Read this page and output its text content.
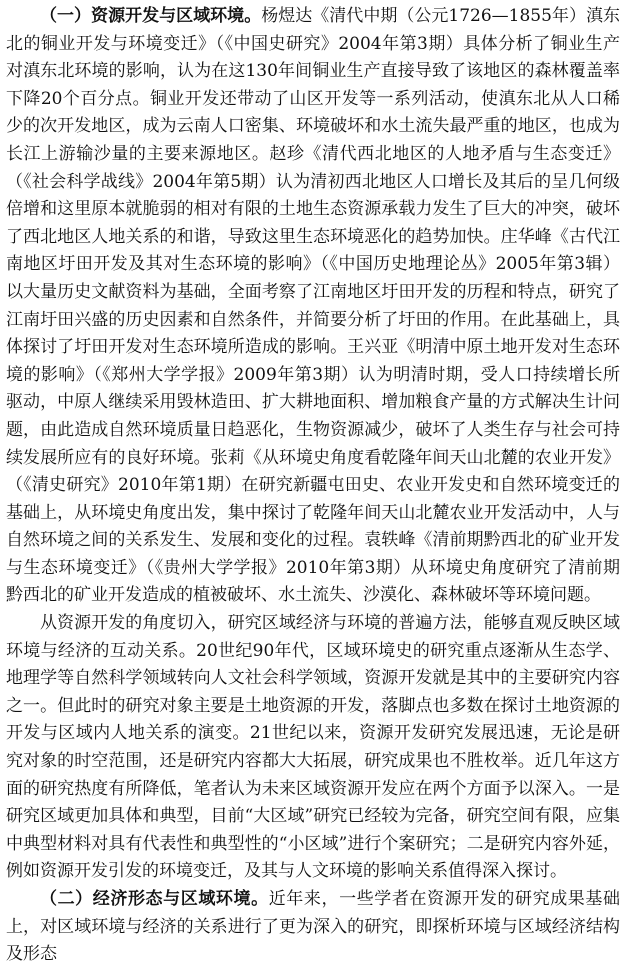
（一）资源开发与区域环境。杨煜达《清代中期（公元1726—1855年）滇东北的铜业开发与环境变迁》（《中国史研究》2004年第3期）具体分析了铜业生产对滇东北环境的影响，认为在这130年间铜业生产直接导致了该地区的森林覆盖率下降20个百分点。铜业开发还带动了山区开发等一系列活动，使滇东北从人口稀少的次开发地区，成为云南人口密集、环境破坏和水土流失最严重的地区，也成为长江上游输沙量的主要来源地区。赵珍《清代西北地区的人地矛盾与生态变迁》（《社会科学战线》2004年第5期）认为清初西北地区人口增长及其后的呈几何级倍增和这里原本就脆弱的相对有限的土地生态资源承载力发生了巨大的冲突，破坏了西北地区人地关系的和谐，导致这里生态环境恶化的趋势加快。庄华峰《古代江南地区圩田开发及其对生态环境的影响》（《中国历史地理论丛》2005年第3辑）以大量历史文献资料为基础，全面考察了江南地区圩田开发的历程和特点，研究了江南圩田兴盛的历史因素和自然条件，并简要分析了圩田的作用。在此基础上，具体探讨了圩田开发对生态环境所造成的影响。王兴亚《明清中原土地开发对生态环境的影响》（《郑州大学学报》2009年第3期）认为明清时期，受人口持续增长所驱动，中原人继续采用毁林造田、扩大耕地面积、增加粮食产量的方式解决生计问题，由此造成自然环境质量日趋恶化，生物资源减少，破坏了人类生存与社会可持续发展所应有的良好环境。张莉《从环境史角度看乾隆年间天山北麓的农业开发》（《清史研究》2010年第1期）在研究新疆屯田史、农业开发史和自然环境变迁的基础上，从环境史角度出发，集中探讨了乾隆年间天山北麓农业开发活动中，人与自然环境之间的关系发生、发展和变化的过程。袁轶峰《清前期黔西北的矿业开发与生态环境变迁》（《贵州大学学报》2010年第3期）从环境史角度研究了清前期黔西北的矿业开发造成的植被破坏、水土流失、沙漠化、森林破坏等环境问题。

从资源开发的角度切入，研究区域经济与环境的普遍方法，能够直观反映区域环境与经济的互动关系。20世纪90年代，区域环境史的研究重点逐渐从生态学、地理学等自然科学领域转向人文社会科学领域，资源开发就是其中的主要研究内容之一。但此时的研究对象主要是土地资源的开发，落脚点也多数在探讨土地资源的开发与区域内人地关系的演变。21世纪以来，资源开发研究发展迅速，无论是研究对象的时空范围，还是研究内容都大大拓展，研究成果也不胜枚举。近几年这方面的研究热度有所降低，笔者认为未来区域资源开发应在两个方面予以深入。一是研究区域更加具体和典型，目前“大区域”研究已经较为完备，研究空间有限，应集中典型材料对具有代表性和典型性的“小区域”进行个案研究；二是研究内容外延，例如资源开发引发的环境变迁，及其与人文环境的影响关系值得深入探讨。

（二）经济形态与区域环境。近年来，一些学者在资源开发的研究成果基础上，对区域环境与经济的关系进行了更为深入的研究，即探析环境与区域经济结构及形态
